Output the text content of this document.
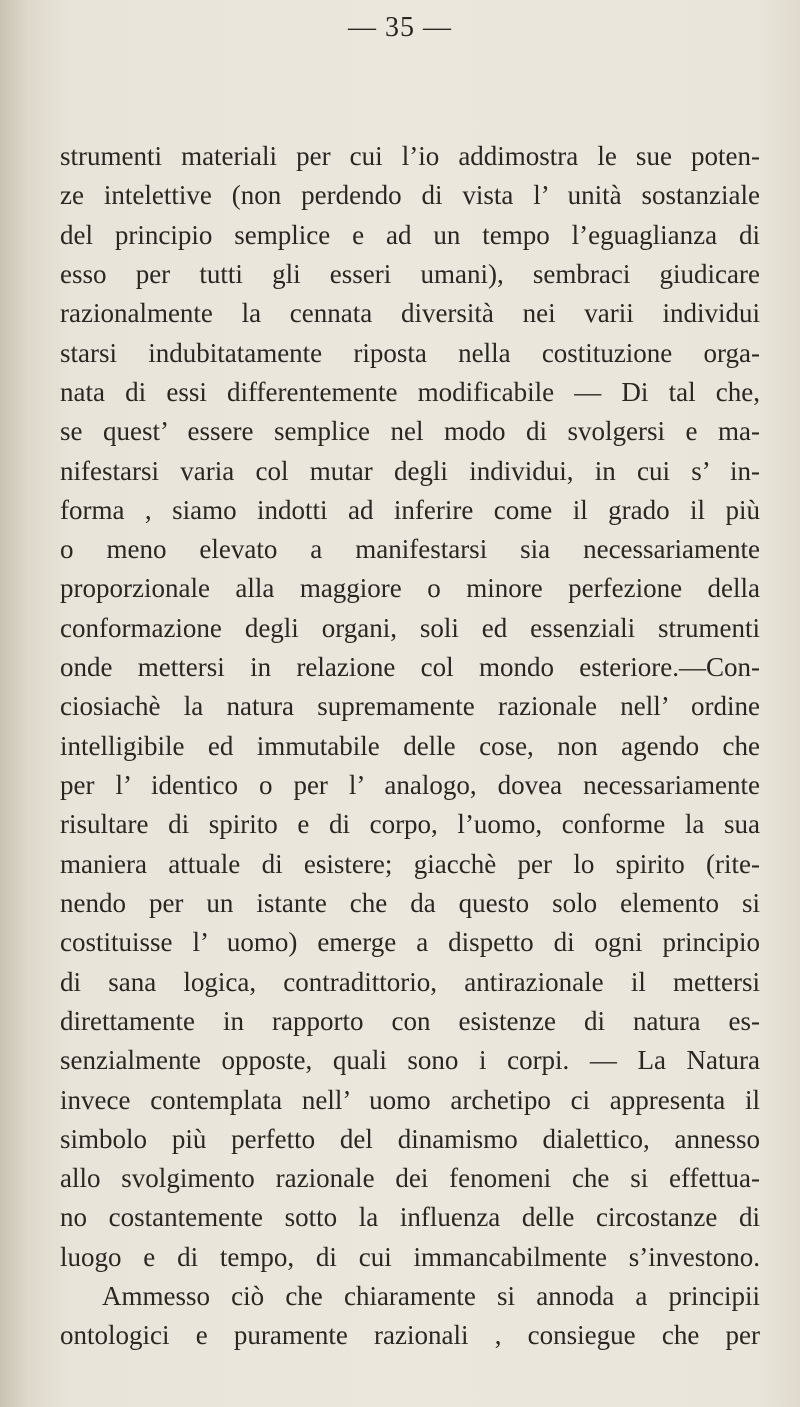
— 35 —
strumenti materiali per cui l’io addimostra le sue poten-
ze intelettive (non perdendo di vista l’ unità sostanziale
del principio semplice e ad un tempo l’eguaglianza di
esso per tutti gli esseri umani), sembraci giudicare
razionalmente la cennata diversità nei varii individui
starsi indubitatamente riposta nella costituzione orga-
nata di essi differentemente modificabile — Di tal che,
se quest’ essere semplice nel modo di svolgersi e ma-
nifestarsi varia col mutar degli individui, in cui s’ in-
forma , siamo indotti ad inferire come il grado il più
o meno elevato a manifestarsi sia necessariamente
proporzionale alla maggiore o minore perfezione della
conformazione degli organi, soli ed essenziali strumenti
onde mettersi in relazione col mondo esteriore.—Con-
ciosiachè la natura supremamente razionale nell’ ordine
intelligibile ed immutabile delle cose, non agendo che
per l’ identico o per l’ analogo, dovea necessariamente
risultare di spirito e di corpo, l’uomo, conforme la sua
maniera attuale di esistere; giacchè per lo spirito (rite-
nendo per un istante che da questo solo elemento si
costituisse l’ uomo) emerge a dispetto di ogni principio
di sana logica, contradittorio, antirazionale il mettersi
direttamente in rapporto con esistenze di natura es-
senzialmente opposte, quali sono i corpi. — La Natura
invece contemplata nell’ uomo archetipo ci appresenta il
simbolo più perfetto del dinamismo dialettico, annesso
allo svolgimento razionale dei fenomeni che si effettua-
no costantemente sotto la influenza delle circostanze di
luogo e di tempo, di cui immancabilmente s’investono.
Ammesso ciò che chiaramente si annoda a principii
ontologici e puramente razionali , consiegue che per
